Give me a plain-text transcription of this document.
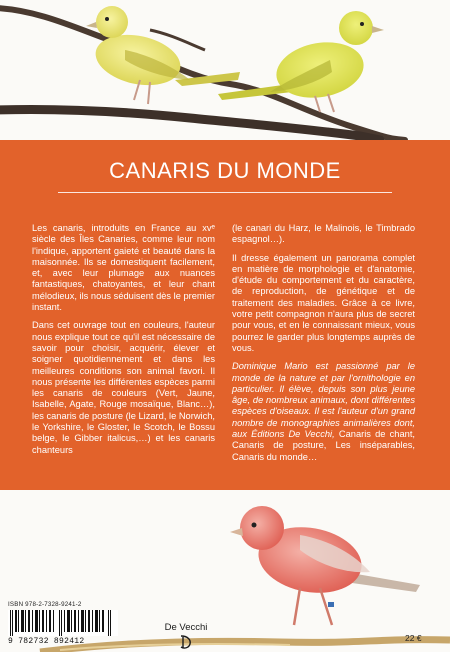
CANARIS DU MONDE

Les canaris, introduits en France au xvᵉ siècle des Îles Canaries, comme leur nom l'indique, apportent gaieté et beauté dans la maisonnée. Ils se domestiquent facilement, et, avec leur plumage aux nuances fantastiques, chatoyantes, et leur chant mélodieux, ils nous séduisent dès le premier instant.

Dans cet ouvrage tout en couleurs, l'auteur nous explique tout ce qu'il est nécessaire de savoir pour choisir, acquérir, élever et soigner quotidiennement et dans les meilleures conditions son animal favori. Il nous présente les différentes espèces parmi les canaris de couleurs (Vert, Jaune, Isabelle, Agate, Rouge mosaïque, Blanc…), les canaris de posture (le Lizard, le Norwich, le Yorkshire, le Gloster, le Scotch, le Bossu belge, le Gibber italicus,…) et les canaris chanteurs

(le canari du Harz, le Malinois, le Timbrado espagnol…).

Il dresse également un panorama complet en matière de morphologie et d'anatomie, d'étude du comportement et du caractère, de reproduction, de génétique et de traitement des maladies. Grâce à ce livre, votre petit compagnon n'aura plus de secret pour vous, et en le connaissant mieux, vous pourrez le garder plus longtemps auprès de vous.

Dominique Mario est passionné par le monde de la nature et par l'ornithologie en particulier. Il élève, depuis son plus jeune âge, de nombreux animaux, dont différentes espèces d'oiseaux. Il est l'auteur d'un grand nombre de monographies animalières dont, aux Éditions De Vecchi, Canaris de chant, Canaris de posture, Les inséparables, Canaris du monde…

ISBN 978-2-7328-9241-2
9 782732 892412
De Vecchi
22 €
